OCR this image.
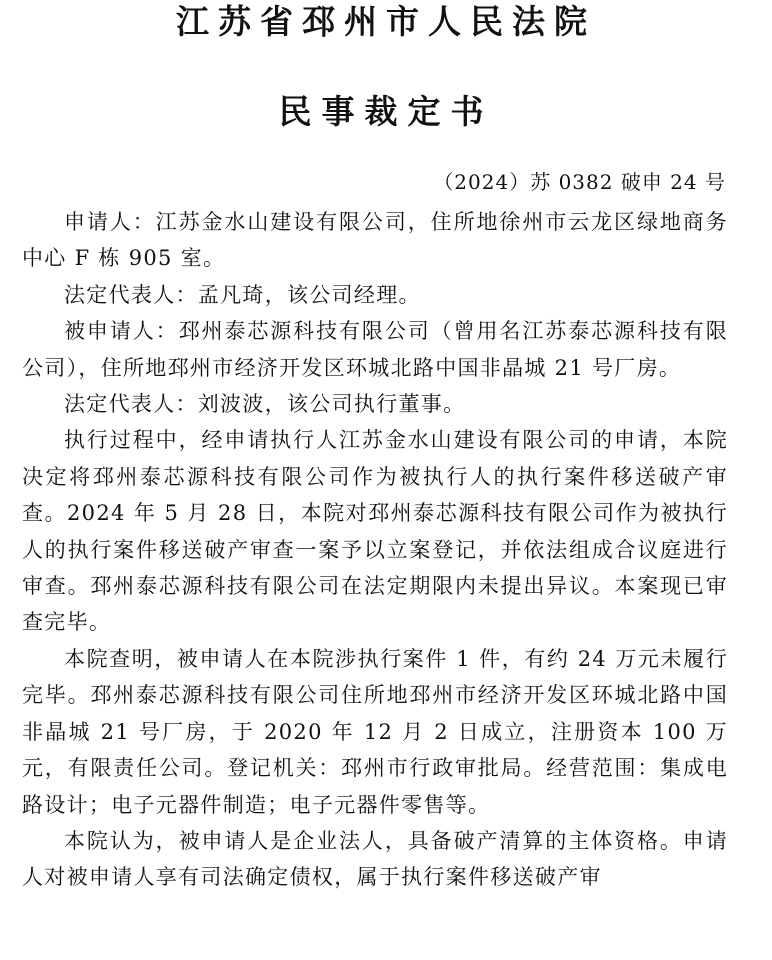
江苏省邳州市人民法院
民事裁定书
（2024）苏 0382 破申 24 号

申请人：江苏金水山建设有限公司，住所地徐州市云龙区绿地商务中心 F 栋 905 室。

法定代表人：孟凡琦，该公司经理。

被申请人：邳州泰芯源科技有限公司（曾用名江苏泰芯源科技有限公司），住所地邳州市经济开发区环城北路中国非晶城 21 号厂房。

法定代表人：刘波波，该公司执行董事。

执行过程中，经申请执行人江苏金水山建设有限公司的申请，本院决定将邳州泰芯源科技有限公司作为被执行人的执行案件移送破产审查。2024 年 5 月 28 日，本院对邳州泰芯源科技有限公司作为被执行人的执行案件移送破产审查一案予以立案登记，并依法组成合议庭进行审查。邳州泰芯源科技有限公司在法定期限内未提出异议。本案现已审查完毕。

本院查明，被申请人在本院涉执行案件 1 件，有约 24 万元未履行完毕。邳州泰芯源科技有限公司住所地邳州市经济开发区环城北路中国非晶城 21 号厂房，于 2020 年 12 月 2 日成立，注册资本 100 万元，有限责任公司。登记机关：邳州市行政审批局。经营范围：集成电路设计；电子元器件制造；电子元器件零售等。

本院认为，被申请人是企业法人，具备破产清算的主体资格。申请人对被申请人享有司法确定债权，属于执行案件移送破产审
